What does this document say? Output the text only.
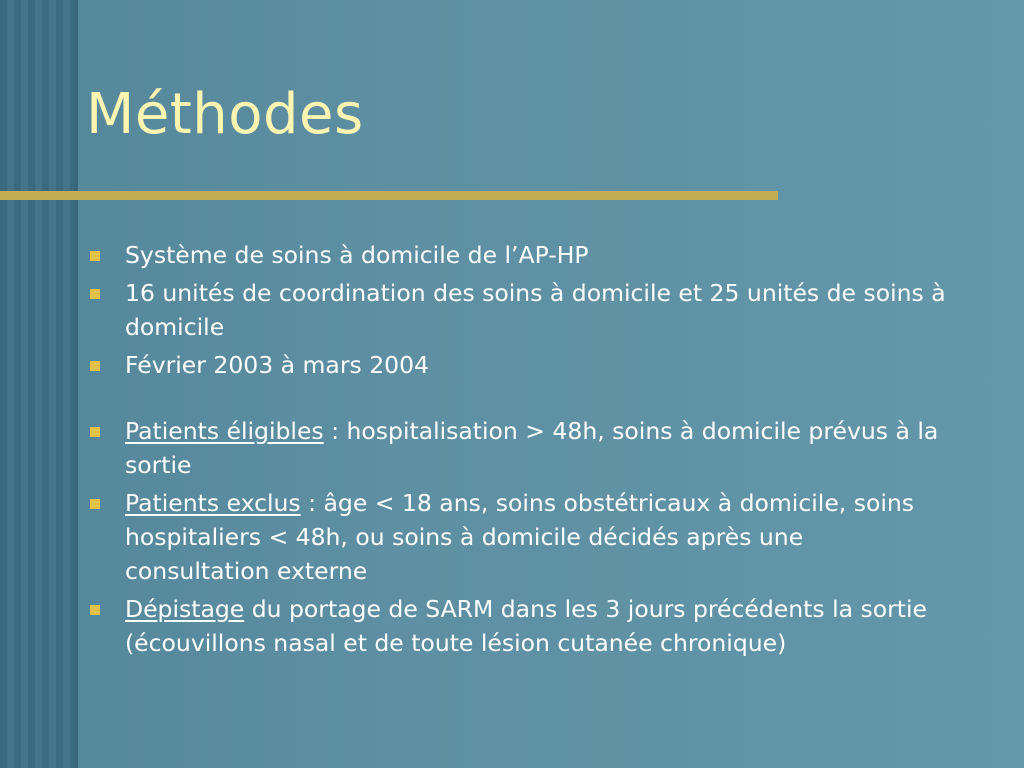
Méthodes
Système de soins à domicile de l’AP-HP
16 unités de coordination des soins à domicile et 25 unités de soins à domicile
Février 2003 à mars 2004
Patients éligibles : hospitalisation > 48h, soins à domicile prévus à la sortie
Patients exclus : âge < 18 ans, soins obstétricaux à domicile, soins hospitaliers < 48h, ou soins à domicile décidés après une consultation externe
Dépistage du portage de SARM dans les 3 jours précédents la sortie (écouvillons nasal et de toute lésion cutanée chronique)
